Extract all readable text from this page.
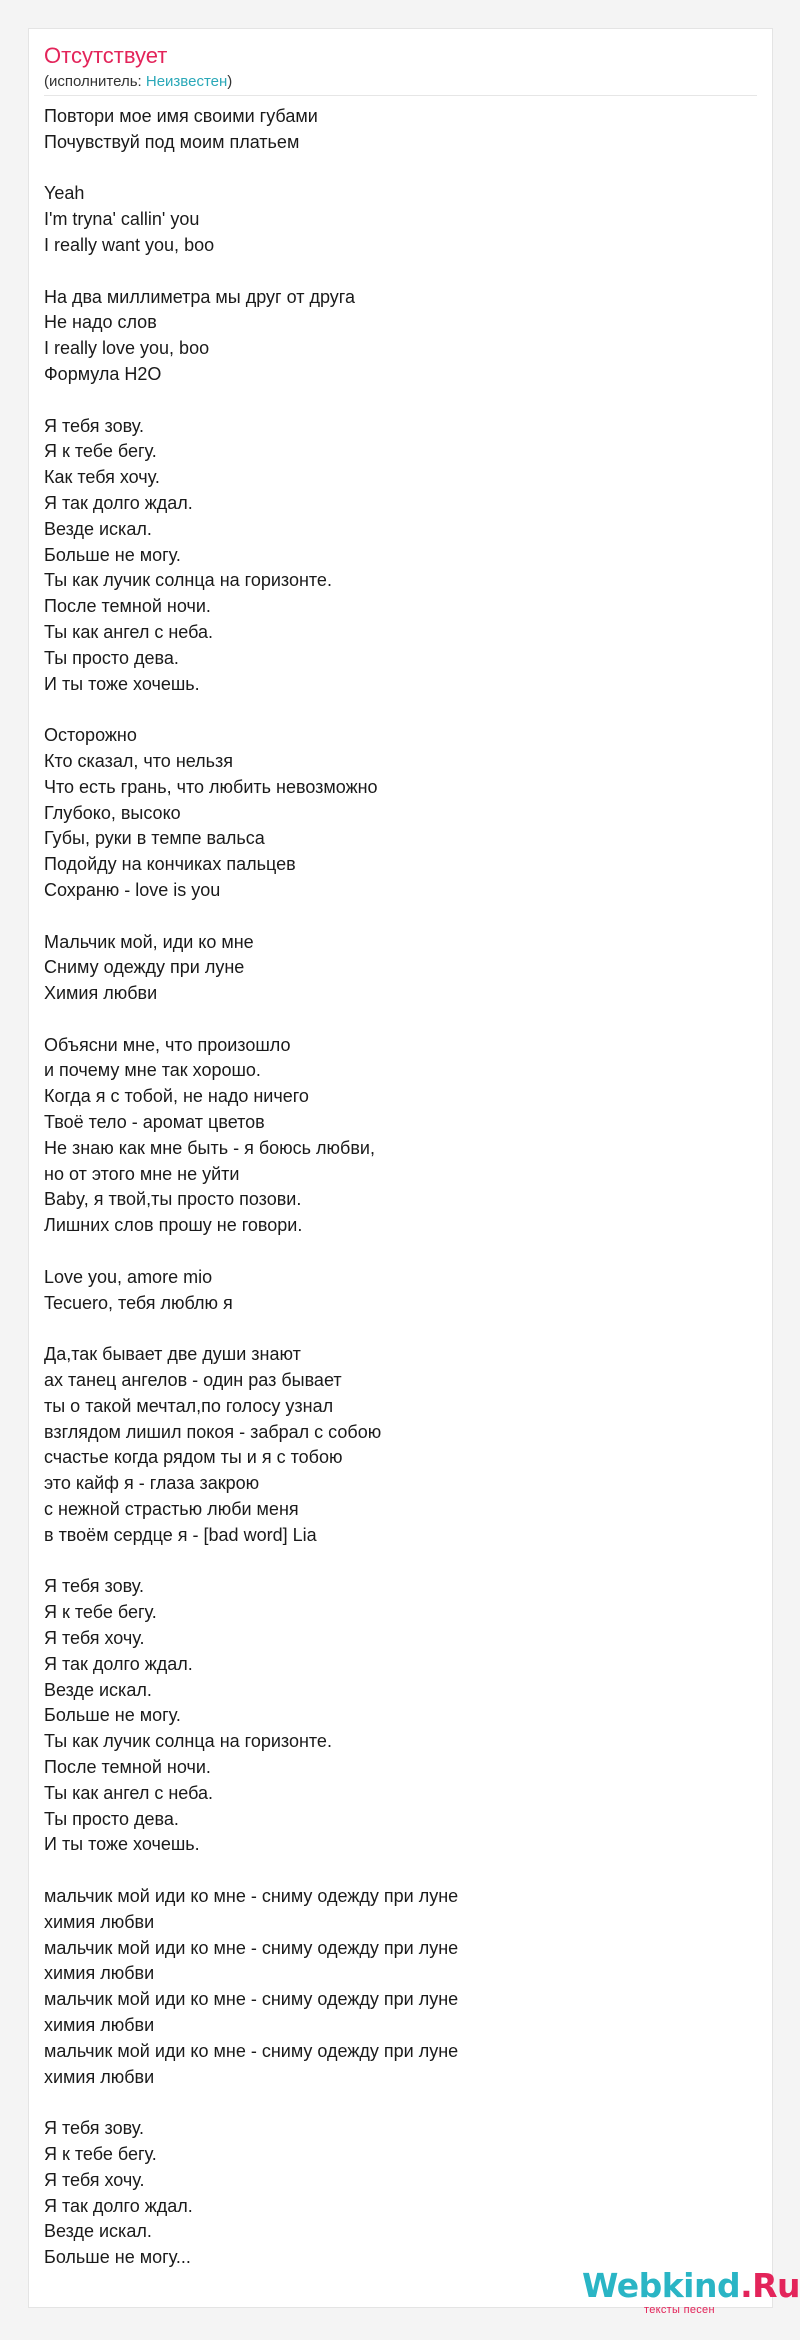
Отсутствует
(исполнитель: Неизвестен)
Повтори мое имя своими губами
Почувствуй под моим платьем
Yeah
I'm tryna' callin' you
I really want you, boo
На два миллиметра мы друг от друга
Не надо слов
I really love you, boo
Формула H2O
Я тебя зову.
Я к тебе бегу.
Как тебя хочу.
Я так долго ждал.
Везде искал.
Больше не могу.
Ты как лучик солнца на горизонте.
После темной ночи.
Ты как ангел с неба.
Ты просто дева.
И ты тоже хочешь.
Осторожно
Кто сказал, что нельзя
Что есть грань, что любить невозможно
Глубоко, высоко
Губы, руки в темпе вальса
Подойду на кончиках пальцев
Сохраню - love is you
Мальчик мой, иди ко мне
Сниму одежду при луне
Химия любви
Объясни мне, что произошло
и почему мне так хорошо.
Когда я с тобой, не надо ничего
Твоё тело - аромат цветов
Не знаю как мне быть - я боюсь любви,
но от этого мне не уйти
Baby, я твой,ты просто позови.
Лишних слов прошу не говори.
Love you, amore mio
Tecuero, тебя люблю я
Да,так бывает две души знают
ах танец ангелов - один раз бывает
ты о такой мечтал,по голосу узнал
взглядом лишил покоя - забрал с собою
счастье когда рядом ты и я с тобою
это кайф я - глаза закрою
с нежной страстью люби меня
в твоём сердце я - [bad word] Lia
Я тебя зову.
Я к тебе бегу.
Я тебя хочу.
Я так долго ждал.
Везде искал.
Больше не могу.
Ты как лучик солнца на горизонте.
После темной ночи.
Ты как ангел с неба.
Ты просто дева.
И ты тоже хочешь.
мальчик мой иди ко мне - сниму одежду при луне
химия любви
мальчик мой иди ко мне - сниму одежду при луне
химия любви
мальчик мой иди ко мне - сниму одежду при луне
химия любви
мальчик мой иди ко мне - сниму одежду при луне
химия любви
Я тебя зову.
Я к тебе бегу.
Я тебя хочу.
Я так долго ждал.
Везде искал.
Больше не могу...
Webkind.Ru
тексты песен
